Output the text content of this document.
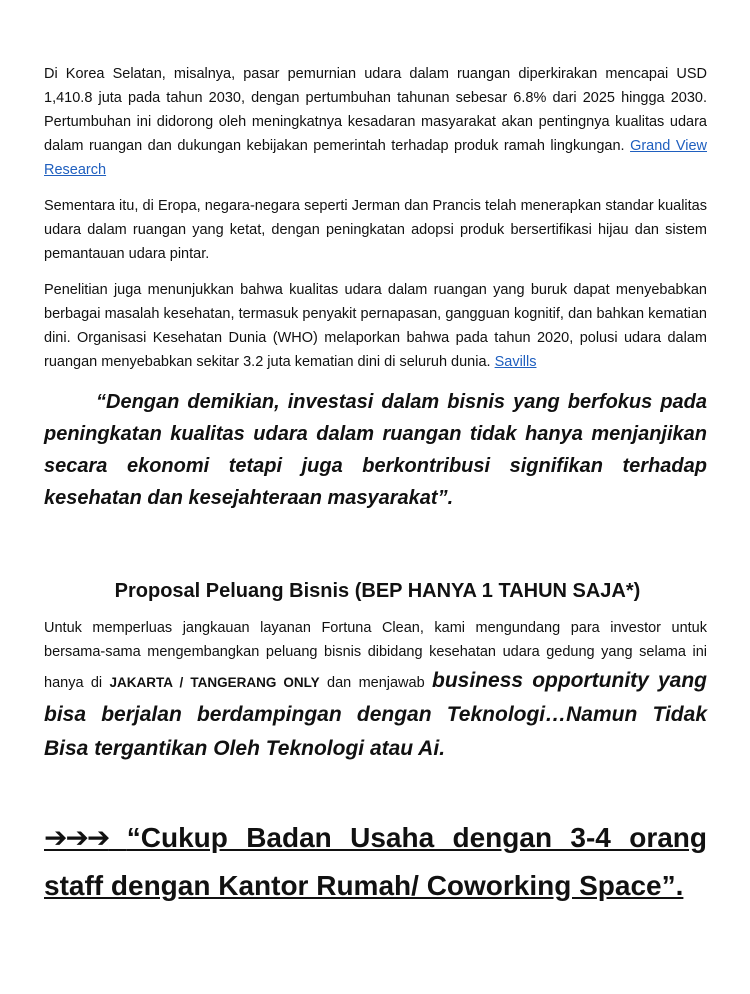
Di Korea Selatan, misalnya, pasar pemurnian udara dalam ruangan diperkirakan mencapai USD 1,410.8 juta pada tahun 2030, dengan pertumbuhan tahunan sebesar 6.8% dari 2025 hingga 2030. Pertumbuhan ini didorong oleh meningkatnya kesadaran masyarakat akan pentingnya kualitas udara dalam ruangan dan dukungan kebijakan pemerintah terhadap produk ramah lingkungan. Grand View Research

Sementara itu, di Eropa, negara-negara seperti Jerman dan Prancis telah menerapkan standar kualitas udara dalam ruangan yang ketat, dengan peningkatan adopsi produk bersertifikasi hijau dan sistem pemantauan udara pintar.

Penelitian juga menunjukkan bahwa kualitas udara dalam ruangan yang buruk dapat menyebabkan berbagai masalah kesehatan, termasuk penyakit pernapasan, gangguan kognitif, dan bahkan kematian dini. Organisasi Kesehatan Dunia (WHO) melaporkan bahwa pada tahun 2020, polusi udara dalam ruangan menyebabkan sekitar 3.2 juta kematian dini di seluruh dunia. Savills

“Dengan demikian, investasi dalam bisnis yang berfokus pada peningkatan kualitas udara dalam ruangan tidak hanya menjanjikan secara ekonomi tetapi juga berkontribusi signifikan terhadap kesehatan dan kesejahteraan masyarakat”.

Proposal Peluang Bisnis (BEP HANYA 1 TAHUN SAJA*)

Untuk memperluas jangkauan layanan Fortuna Clean, kami mengundang para investor untuk bersama-sama mengembangkan peluang bisnis dibidang kesehatan udara gedung yang selama ini hanya di JAKARTA / TANGERANG ONLY dan menjawab business opportunity yang bisa berjalan berdampingan dengan Teknologi…Namun Tidak Bisa tergantikan Oleh Teknologi atau Ai.

➔➔➔ “Cukup Badan Usaha dengan 3-4 orang staff dengan Kantor Rumah/ Coworking Space”.
